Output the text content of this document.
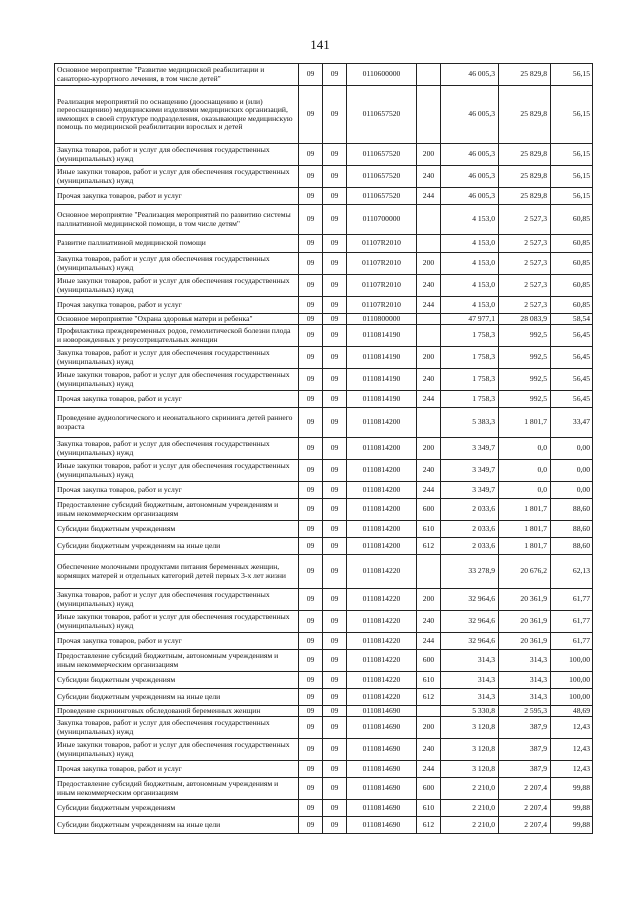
141
Основное мероприятие "Развитие медицинской реабилитации и санаторно-курортного лечения, в том числе детей"	09	09	0110600000		46 005,3	25 829,8	56,15
Реализация мероприятий по оснащению (дооснащению и (или) переоснащению) медицинскими изделиями медицинских организаций, имеющих в своей структуре подразделения, оказывающие медицинскую помощь по медицинской реабилитации взрослых и детей	09	09	0110657520		46 005,3	25 829,8	56,15
Закупка товаров, работ и услуг для обеспечения государственных (муниципальных) нужд	09	09	0110657520	200	46 005,3	25 829,8	56,15
Иные закупки товаров, работ и услуг для обеспечения государственных (муниципальных) нужд	09	09	0110657520	240	46 005,3	25 829,8	56,15
Прочая закупка товаров, работ и услуг	09	09	0110657520	244	46 005,3	25 829,8	56,15
Основное мероприятие "Реализация мероприятий по развитию системы паллиативной медицинской помощи, в том числе детям"	09	09	0110700000		4 153,0	2 527,3	60,85
Развитие паллиативной медицинской помощи	09	09	01107R2010		4 153,0	2 527,3	60,85
Закупка товаров, работ и услуг для обеспечения государственных (муниципальных) нужд	09	09	01107R2010	200	4 153,0	2 527,3	60,85
Иные закупки товаров, работ и услуг для обеспечения государственных (муниципальных) нужд	09	09	01107R2010	240	4 153,0	2 527,3	60,85
Прочая закупка товаров, работ и услуг	09	09	01107R2010	244	4 153,0	2 527,3	60,85
Основное мероприятие "Охрана здоровья матери и ребенка"	09	09	0110800000		47 977,1	28 083,9	58,54
Профилактика преждевременных родов, гемолитической болезни плода и новорожденных у резусотрицательных женщин	09	09	0110814190		1 758,3	992,5	56,45
Закупка товаров, работ и услуг для обеспечения государственных (муниципальных) нужд	09	09	0110814190	200	1 758,3	992,5	56,45
Иные закупки товаров, работ и услуг для обеспечения государственных (муниципальных) нужд	09	09	0110814190	240	1 758,3	992,5	56,45
Прочая закупка товаров, работ и услуг	09	09	0110814190	244	1 758,3	992,5	56,45
Проведение аудиологического и неонатального скрининга детей раннего возраста	09	09	0110814200		5 383,3	1 801,7	33,47
Закупка товаров, работ и услуг для обеспечения государственных (муниципальных) нужд	09	09	0110814200	200	3 349,7	0,0	0,00
Иные закупки товаров, работ и услуг для обеспечения государственных (муниципальных) нужд	09	09	0110814200	240	3 349,7	0,0	0,00
Прочая закупка товаров, работ и услуг	09	09	0110814200	244	3 349,7	0,0	0,00
Предоставление субсидий бюджетным, автономным учреждениям и иным некоммерческим организациям	09	09	0110814200	600	2 033,6	1 801,7	88,60
Субсидии бюджетным учреждениям	09	09	0110814200	610	2 033,6	1 801,7	88,60
Субсидии бюджетным учреждениям на иные цели	09	09	0110814200	612	2 033,6	1 801,7	88,60
Обеспечение молочными продуктами питания беременных женщин, кормящих матерей и отдельных категорий детей первых 3-х лет жизни	09	09	0110814220		33 278,9	20 676,2	62,13
Закупка товаров, работ и услуг для обеспечения государственных (муниципальных) нужд	09	09	0110814220	200	32 964,6	20 361,9	61,77
Иные закупки товаров, работ и услуг для обеспечения государственных (муниципальных) нужд	09	09	0110814220	240	32 964,6	20 361,9	61,77
Прочая закупка товаров, работ и услуг	09	09	0110814220	244	32 964,6	20 361,9	61,77
Предоставление субсидий бюджетным, автономным учреждениям и иным некоммерческим организациям	09	09	0110814220	600	314,3	314,3	100,00
Субсидии бюджетным учреждениям	09	09	0110814220	610	314,3	314,3	100,00
Субсидии бюджетным учреждениям на иные цели	09	09	0110814220	612	314,3	314,3	100,00
Проведение скрининговых обследований беременных женщин	09	09	0110814690		5 330,8	2 595,3	48,69
Закупка товаров, работ и услуг для обеспечения государственных (муниципальных) нужд	09	09	0110814690	200	3 120,8	387,9	12,43
Иные закупки товаров, работ и услуг для обеспечения государственных (муниципальных) нужд	09	09	0110814690	240	3 120,8	387,9	12,43
Прочая закупка товаров, работ и услуг	09	09	0110814690	244	3 120,8	387,9	12,43
Предоставление субсидий бюджетным, автономным учреждениям и иным некоммерческим организациям	09	09	0110814690	600	2 210,0	2 207,4	99,88
Субсидии бюджетным учреждениям	09	09	0110814690	610	2 210,0	2 207,4	99,88
Субсидии бюджетным учреждениям на иные цели	09	09	0110814690	612	2 210,0	2 207,4	99,88
